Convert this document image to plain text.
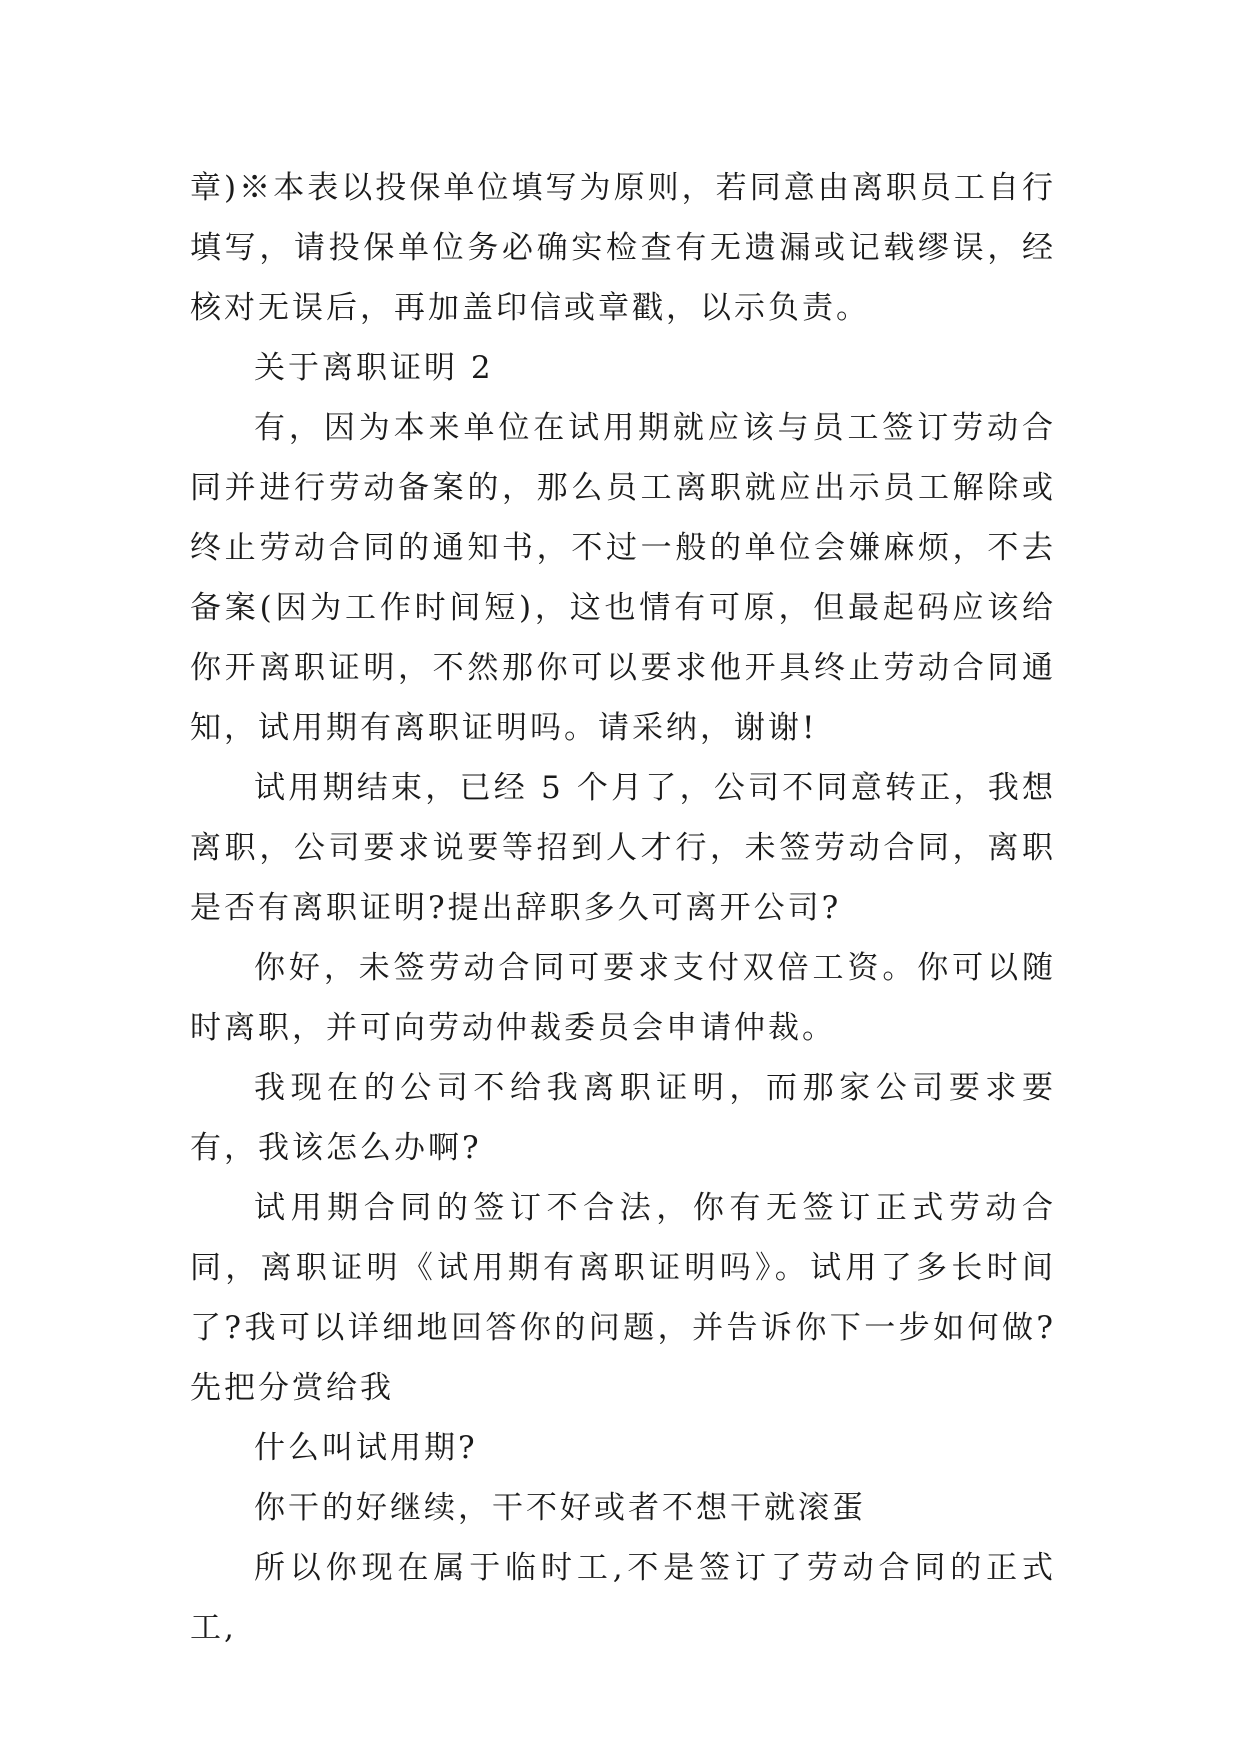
章)※本表以投保单位填写为原则，若同意由离职员工自行填写，请投保单位务必确实检查有无遗漏或记载缪误，经核对无误后，再加盖印信或章戳，以示负责。

关于离职证明 2

有，因为本来单位在试用期就应该与员工签订劳动合同并进行劳动备案的，那么员工离职就应出示员工解除或终止劳动合同的通知书，不过一般的单位会嫌麻烦，不去备案(因为工作时间短)，这也情有可原，但最起码应该给你开离职证明，不然那你可以要求他开具终止劳动合同通知，试用期有离职证明吗。请采纳，谢谢!

试用期结束，已经 5 个月了，公司不同意转正，我想离职，公司要求说要等招到人才行，未签劳动合同，离职是否有离职证明?提出辞职多久可离开公司?

你好，未签劳动合同可要求支付双倍工资。你可以随时离职，并可向劳动仲裁委员会申请仲裁。

我现在的公司不给我离职证明，而那家公司要求要有，我该怎么办啊?

试用期合同的签订不合法，你有无签订正式劳动合同，离职证明《试用期有离职证明吗》。试用了多长时间了?我可以详细地回答你的问题，并告诉你下一步如何做?先把分赏给我

什么叫试用期?

你干的好继续，干不好或者不想干就滚蛋

所以你现在属于临时工,不是签订了劳动合同的正式工,
